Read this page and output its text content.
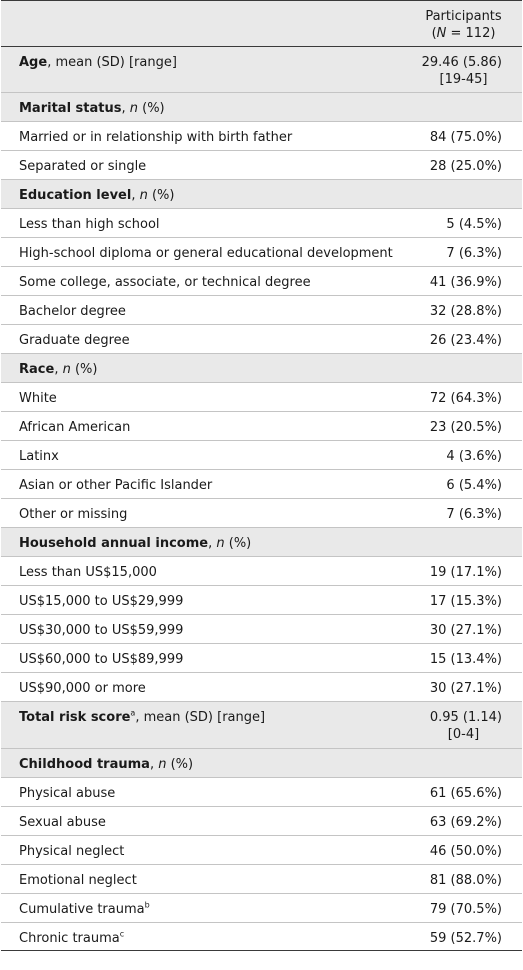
Participants
(N = 112)
Age, mean (SD) [range]	29.46 (5.86)
[19-45]
Marital status, n (%)
Married or in relationship with birth father	84 (75.0%)
Separated or single	28 (25.0%)
Education level, n (%)
Less than high school	5 (4.5%)
High-school diploma or general educational development	7 (6.3%)
Some college, associate, or technical degree	41 (36.9%)
Bachelor degree	32 (28.8%)
Graduate degree	26 (23.4%)
Race, n (%)
White	72 (64.3%)
African American	23 (20.5%)
Latinx	4 (3.6%)
Asian or other Pacific Islander	6 (5.4%)
Other or missing	7 (6.3%)
Household annual income, n (%)
Less than US$15,000	19 (17.1%)
US$15,000 to US$29,999	17 (15.3%)
US$30,000 to US$59,999	30 (27.1%)
US$60,000 to US$89,999	15 (13.4%)
US$90,000 or more	30 (27.1%)
Total risk score$^a$, mean (SD) [range]	0.95 (1.14)
[0-4]
Childhood trauma, n (%)
Physical abuse	61 (65.6%)
Sexual abuse	63 (69.2%)
Physical neglect	46 (50.0%)
Emotional neglect	81 (88.0%)
Cumulative trauma$^b$	79 (70.5%)
Chronic trauma$^c$	59 (52.7%)
